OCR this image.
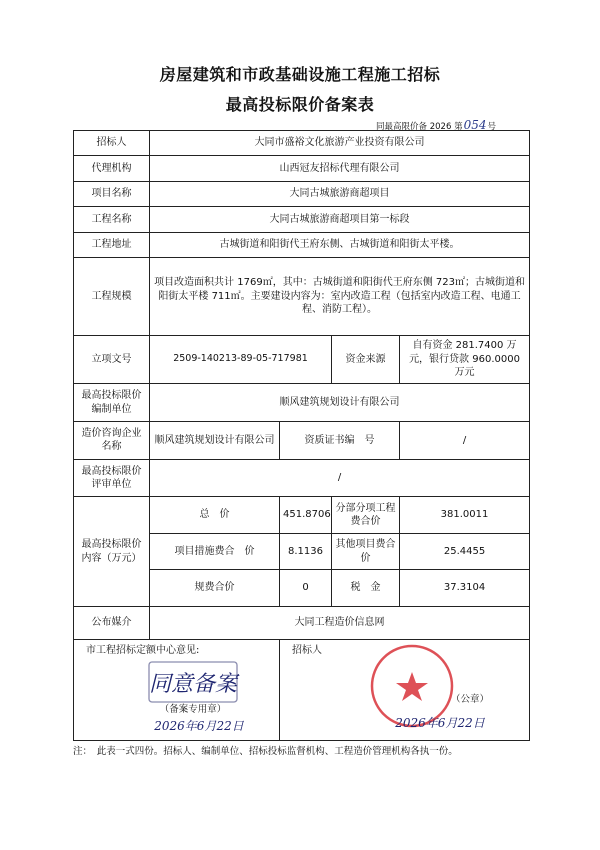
房屋建筑和市政基础设施工程施工招标
最高投标限价备案表
同最高限价备 2026 第054号
招标人	大同市盛裕文化旅游产业投资有限公司			
代理机构	山西冠友招标代理有限公司			
项目名称	大同古城旅游商超项目			
工程名称	大同古城旅游商超项目第一标段			
工程地址	古城街道和阳街代王府东侧、古城街道和阳街太平楼。			
工程规模	项目改造面积共计 1769㎡，其中：古城街道和阳街代王府东侧 723㎡；古城街道和阳街太平楼 711㎡。主要建设内容为：室内改造工程（包括室内改造工程、电通工程、消防工程）。			
立项文号	2509-140213-89-05-717981		资金来源	自有资金 281.7400 万元，银行贷款 960.0000 万元
最高投标限价编制单位	顺风建筑规划设计有限公司			
造价咨询企业名称	顺风建筑规划设计有限公司	资质证书编　号		/
最高投标限价评审单位	/			
最高投标限价内容（万元）	总　价	451.8706	分部分项工程费合价	381.0011
	项目措施费合　价	8.1136	其他项目费合价	25.4455
	规费合价	0	税　金	37.3104
公布媒介	大同工程造价信息网			

市工程招标定额中心意见:
同意备案
（备案专用章）
2026年6月22日		招标人
（公章）
2026年6月22日		
注：　此表一式四份。招标人、编制单位、招标投标监督机构、工程造价管理机构各执一份。
